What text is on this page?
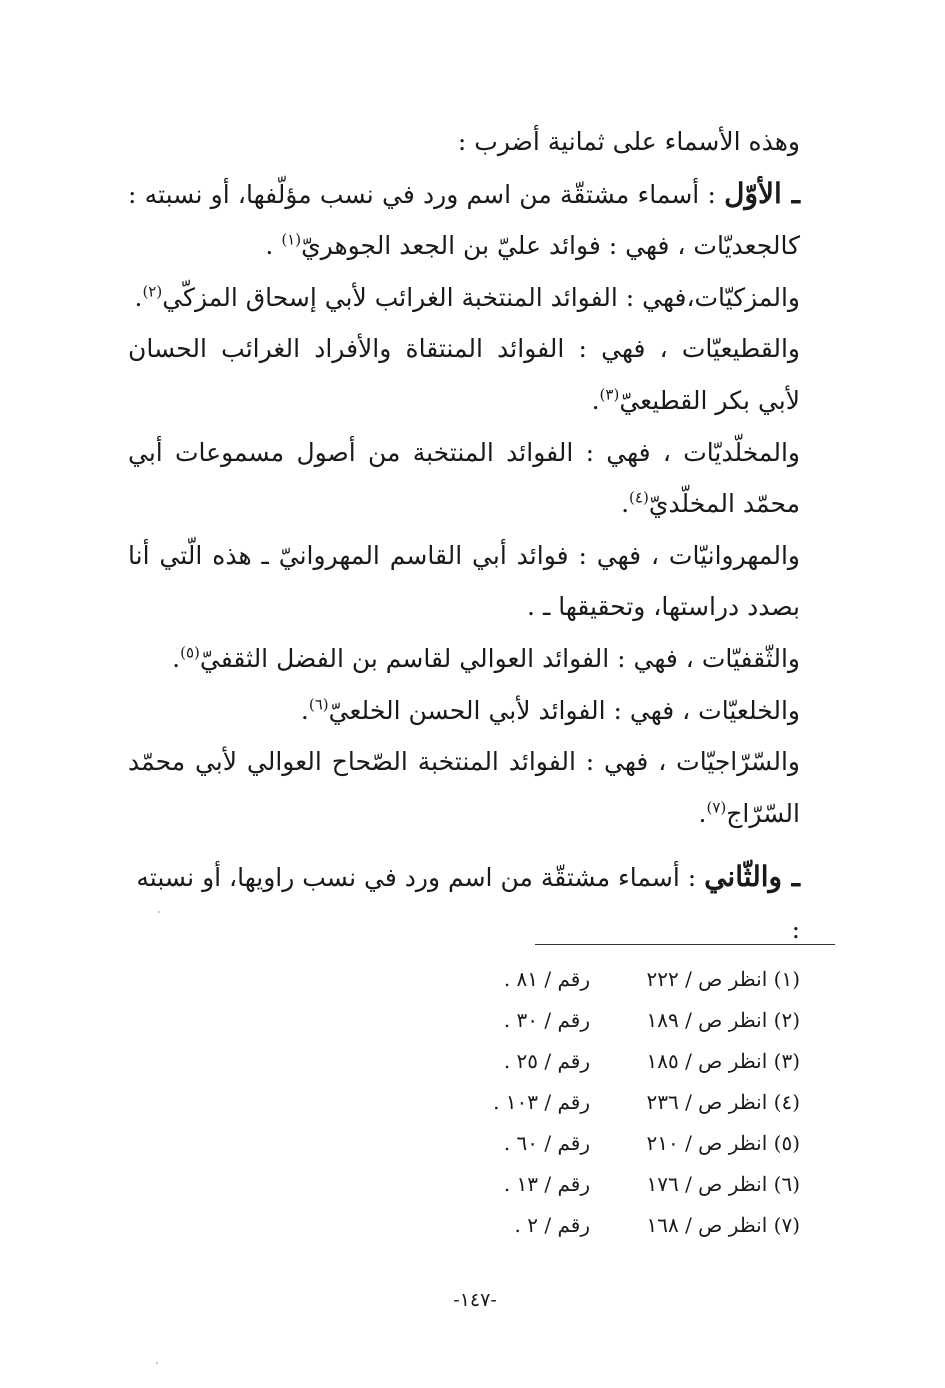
وهذه الأسماء على ثمانية أضرب :

ـ الأوّل : أسماء مشتقّة من اسم ورد في نسب مؤلّفها، أو نسبته : كالجعديّات ، فهي : فوائد عليّ بن الجعد الجوهريّ$^{(١)}$ .

والمزكيّات،فهي : الفوائد المنتخبة الغرائب لأبي إسحاق المزكّي$^{(٢)}$.

والقطيعيّات ، فهي : الفوائد المنتقاة والأفراد الغرائب الحسان لأبي بكر القطيعيّ$^{(٣)}$.

والمخلّديّات ، فهي : الفوائد المنتخبة من أصول مسموعات أبي محمّد المخلّديّ$^{(٤)}$.

والمهروانيّات ، فهي : فوائد أبي القاسم المهروانيّ ـ هذه الّتي أنا بصدد دراستها، وتحقيقها ـ .

والثّقفيّات ، فهي : الفوائد العوالي لقاسم بن الفضل الثقفيّ$^{(٥)}$.

والخلعيّات ، فهي : الفوائد لأبي الحسن الخلعيّ$^{(٦)}$.

والسّرّاجيّات ، فهي : الفوائد المنتخبة الصّحاح العوالي لأبي محمّد السّرّاج$^{(٧)}$.

ـ والثّاني : أسماء مشتقّة من اسم ورد في نسب راويها، أو نسبته :

(١) انظر ص / ٢٢٢
رقم / ٨١ .
(٢) انظر ص / ١٨٩
رقم / ٣٠ .
(٣) انظر ص / ١٨٥
رقم / ٢٥ .
(٤) انظر ص / ٢٣٦
رقم / ١٠٣ .
(٥) انظر ص / ٢١٠
رقم / ٦٠ .
(٦) انظر ص / ١٧٦
رقم / ١٣ .
(٧) انظر ص / ١٦٨
رقم / ٢ .
-١٤٧-
